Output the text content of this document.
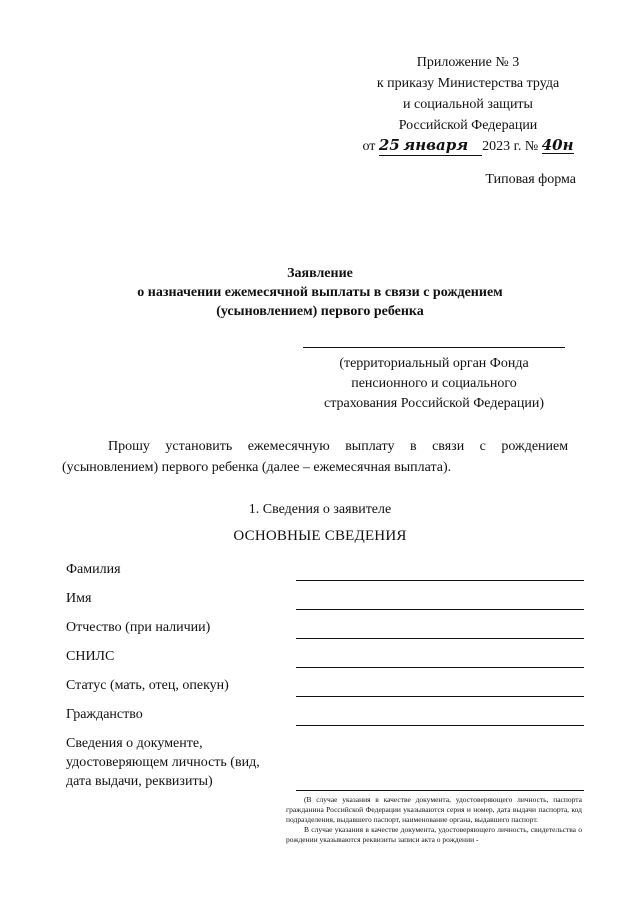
Приложение № 3
к приказу Министерства труда
и социальной защиты
Российской Федерации
от 25 января 2023 г. № 40н
Типовая форма
Заявление
о назначении ежемесячной выплаты в связи с рождением
(усыновлением) первого ребенка
(территориальный орган Фонда
пенсионного и социального
страхования Российской Федерации)
Прошу установить ежемесячную выплату в связи с рождением
(усыновлением) первого ребенка (далее – ежемесячная выплата).
1. Сведения о заявителе
ОСНОВНЫЕ СВЕДЕНИЯ
Фамилия
Имя
Отчество (при наличии)
СНИЛС
Статус (мать, отец, опекун)
Гражданство
Сведения о документе,
удостоверяющем личность (вид,
дата выдачи, реквизиты)

(В случае указания в качестве документа, удостоверяющего личность, паспорта гражданина Российской Федерации указываются серия и номер, дата выдачи паспорта, код подразделения, выдавшего паспорт, наименование органа, выдавшего паспорт.

В случае указания в качестве документа, удостоверяющего личность, свидетельства о рождении указываются реквизиты записи акта о рождении -
